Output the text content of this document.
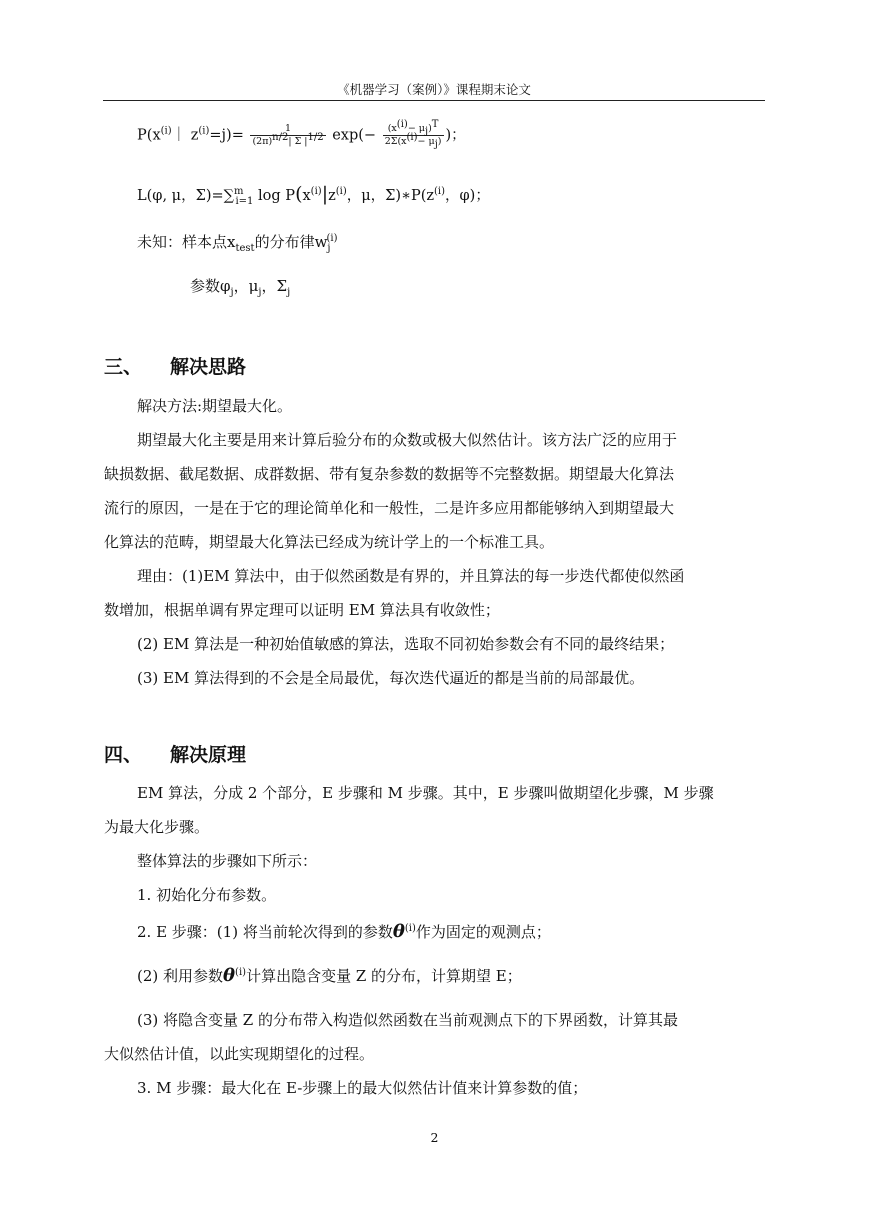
《机器学习（案例）》课程期末论文
$P(x^{(i)}|$ $z^{(i)}=j)= \frac{1}{(2\pi)^{n/2}| \Sigma |^{1/2}} \exp(- \frac{(x^{(i)}- \mu_j)^T}{2\Sigma(x^{(i)}- \mu_j)}$ )；
L(φ, μ，Σ)=∑$^m_{i=1}$ $\log P(x^{(i)}|z^{(i)}$，μ，$\Sigma)∗P(z^{(i)}$，φ)；
未知：样本点$x_{test}$的分布律$w_j^{(i)}$
参数$\varphi_j$，$\mu_j$，$\Sigma_j$
三、 解决思路
解决方法:期望最大化。
期望最大化主要是用来计算后验分布的众数或极大似然估计。该方法广泛的应用于
缺损数据、截尾数据、成群数据、带有复杂参数的数据等不完整数据。期望最大化算法
流行的原因，一是在于它的理论简单化和一般性，二是许多应用都能够纳入到期望最大
化算法的范畴，期望最大化算法已经成为统计学上的一个标准工具。
理由：(1)EM 算法中，由于似然函数是有界的，并且算法的每一步迭代都使似然函
数增加，根据单调有界定理可以证明 EM 算法具有收敛性；
(2) EM 算法是一种初始值敏感的算法，选取不同初始参数会有不同的最终结果；
(3) EM 算法得到的不会是全局最优，每次迭代逼近的都是当前的局部最优。
四、 解决原理
EM 算法，分成 2 个部分，E 步骤和 M 步骤。其中，E 步骤叫做期望化步骤，M 步骤
为最大化步骤。
整体算法的步骤如下所示：
1. 初始化分布参数。
2. E 步骤：(1) 将当前轮次得到的参数$\theta^{(i)}$作为固定的观测点；
(2) 利用参数$\theta^{(i)}$计算出隐含变量 Z 的分布，计算期望 E；
(3) 将隐含变量 Z 的分布带入构造似然函数在当前观测点下的下界函数，计算其最
大似然估计值，以此实现期望化的过程。
3. M 步骤：最大化在 E-步骤上的最大似然估计值来计算参数的值；
2
